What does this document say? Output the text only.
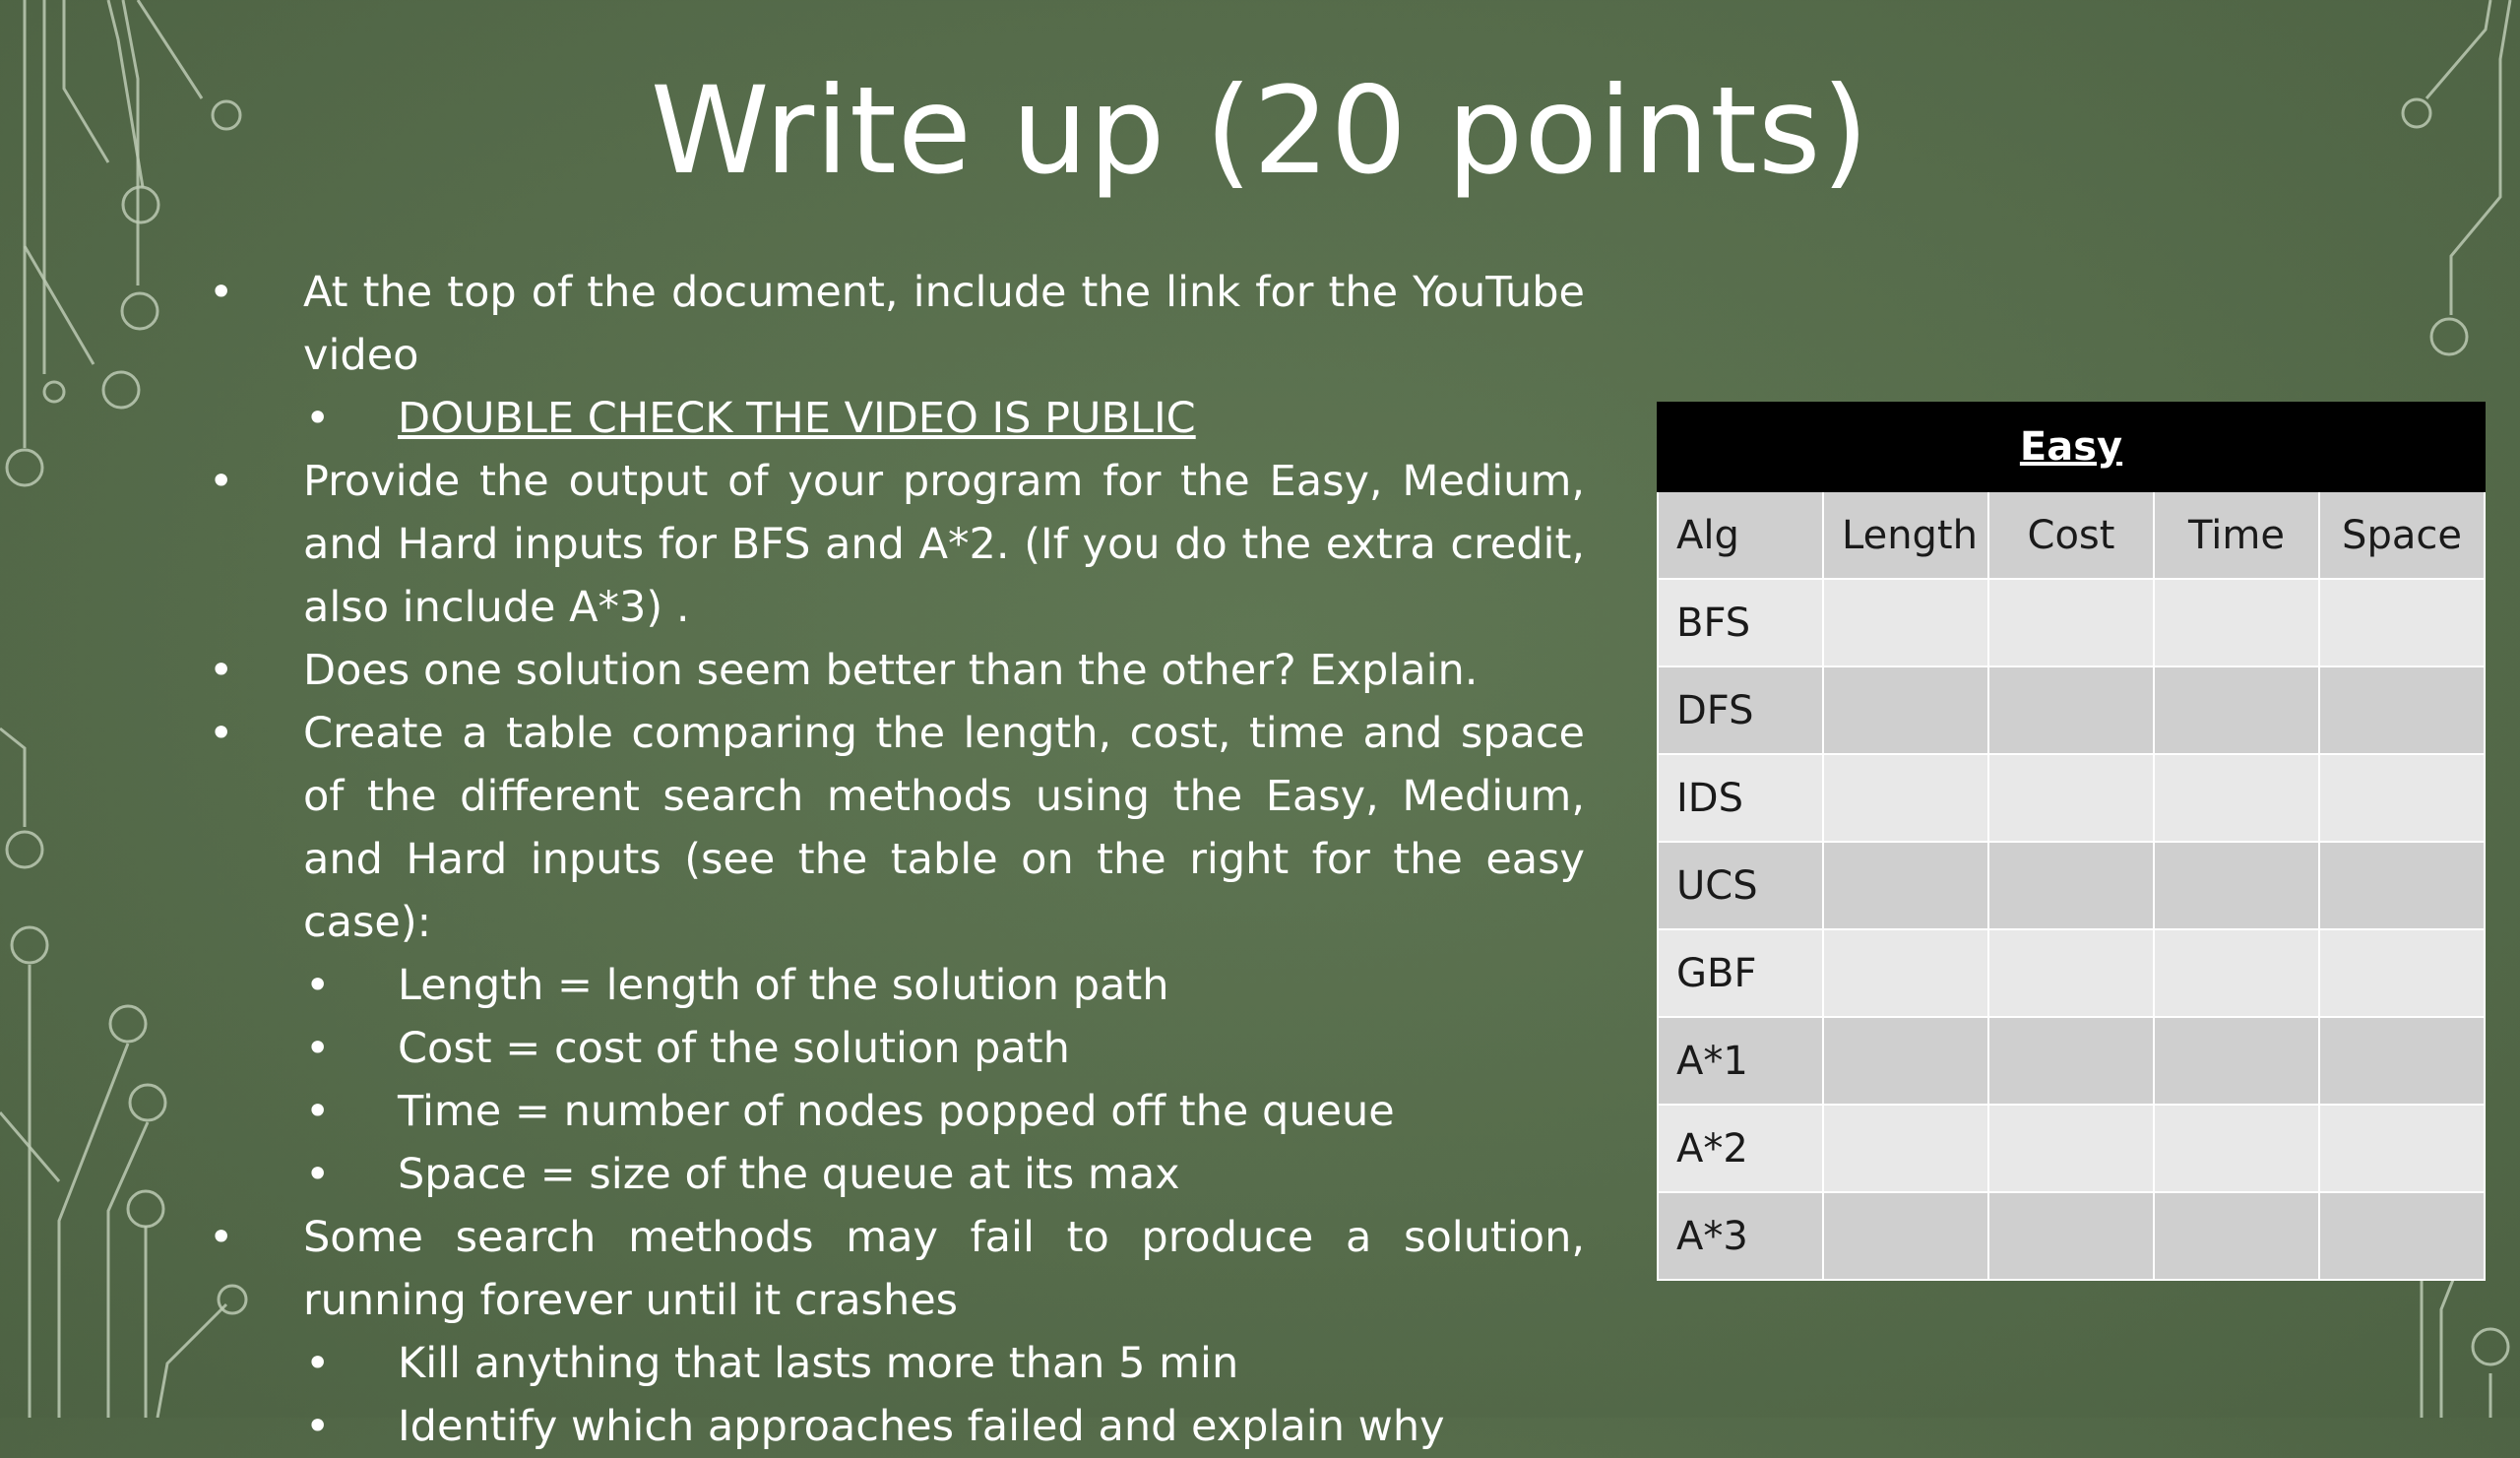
Write up (20 points)
• At the top of the document, include the link for the YouTube video
• DOUBLE CHECK THE VIDEO IS PUBLIC
• Provide the output of your program for the Easy, Medium, and Hard inputs for BFS and A*2. (If you do the extra credit, also include A*3) .
• Does one solution seem better than the other? Explain.
• Create a table comparing the length, cost, time and space of the different search methods using the Easy, Medium, and Hard inputs (see the table on the right for the easy case):
• Length = length of the solution path
• Cost = cost of the solution path
• Time = number of nodes popped off the queue
• Space = size of the queue at its max
• Some search methods may fail to produce a solution, running forever until it crashes
• Kill anything that lasts more than 5 min
• Identify which approaches failed and explain why
Easy				
Alg	Length	Cost	Time	Space
BFS				
DFS				
IDS				
UCS				
GBF				
A*1				
A*2				
A*3				
